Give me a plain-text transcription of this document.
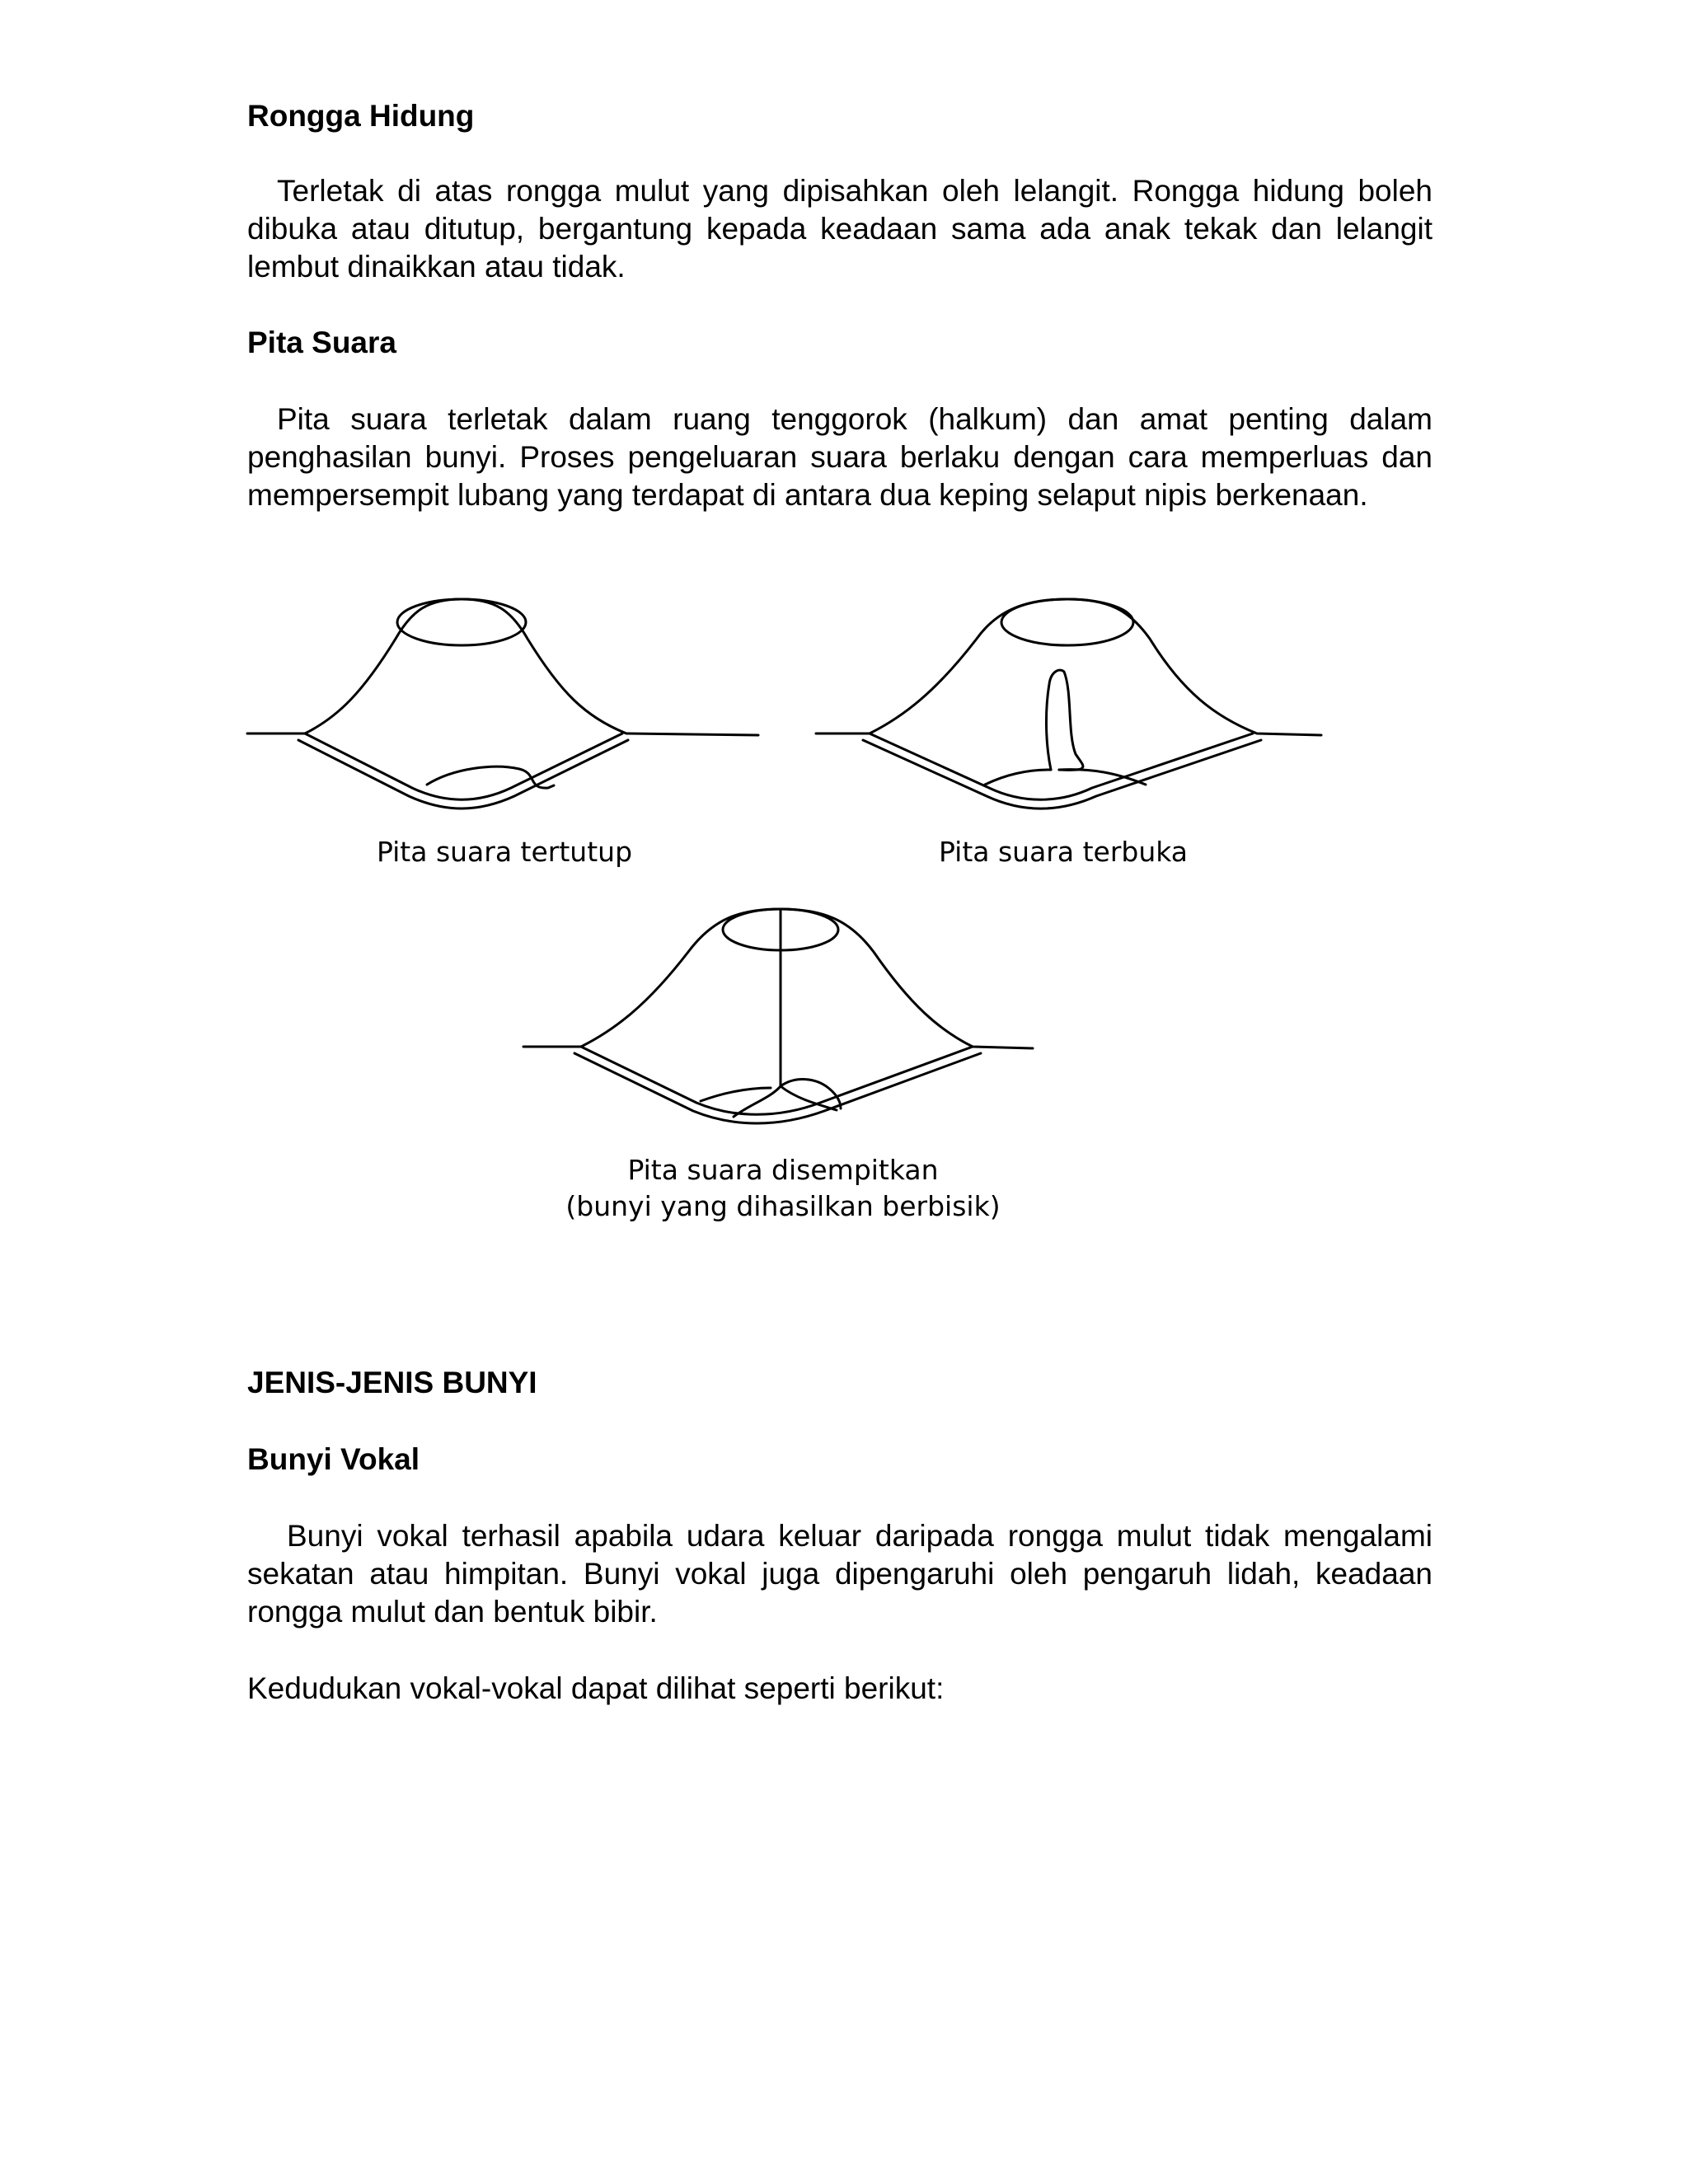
Rongga Hidung

Terletak di atas rongga mulut yang dipisahkan oleh lelangit. Rongga hidung boleh dibuka atau ditutup, bergantung kepada keadaan sama ada anak tekak dan lelangit lembut dinaikkan atau tidak.

Pita Suara

Pita suara terletak dalam ruang tenggorok (halkum) dan amat penting dalam penghasilan bunyi. Proses pengeluaran suara berlaku dengan cara memperluas dan mempersempit lubang yang terdapat di antara dua keping selaput nipis berkenaan.

Pita suara tertutup	Pita suara terbuka
Pita suara disempitkan
(bunyi yang dihasilkan berbisik)
JENIS-JENIS BUNYI
Bunyi Vokal

Bunyi vokal terhasil apabila udara keluar daripada rongga mulut tidak mengalami sekatan atau himpitan. Bunyi vokal juga dipengaruhi oleh pengaruh lidah, keadaan rongga mulut dan bentuk bibir.

Kedudukan vokal-vokal dapat dilihat seperti berikut:
